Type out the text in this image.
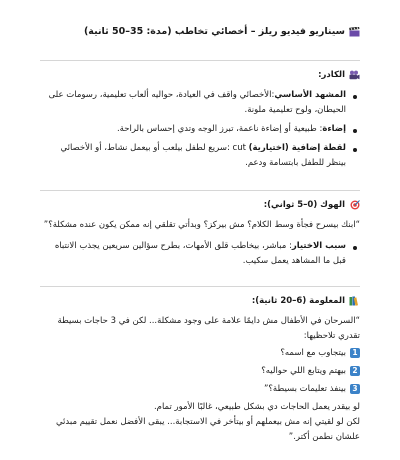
سيناريو فيديو ريلز – أخصائي تخاطب (مدة: 35–50 ثانية)
الكادر:
المشهد الأساسي:الأخصائي واقف في العيادة، حواليه ألعاب تعليمية، رسومات على الحيطان، ولوح تعليمية ملونة.
إضاءة: طبيعية أو إضاءة ناعمة، تبرز الوجه وتدي إحساس بالراحة.
لقطة إضافية (اختيارية) cut :سريع لطفل بيلعب أو بيعمل نشاط، أو الأخصائي بينظر للطفل بابتسامة ودعم.
الهوك (0–5 ثواني):

“ابنك بيسرح فجأة وسط الكلام؟ مش بيركز؟ وبدأتي تقلقي إنه ممكن يكون عنده مشكلة؟”

سبب الاختيار: مباشر، بيخاطب قلق الأمهات، بطرح سؤالين سريعين يجذب الانتباه قبل ما المشاهد يعمل سكيب.
المعلومة (6–20 ثانية):

“السرحان في الأطفال مش دايمًا علامة على وجود مشكلة... لكن في 3 حاجات بسيطة تقدري تلاحظيها:

1
بيتجاوب مع اسمه؟
2
بيهتم ويتابع اللي حواليه؟
3
بينفذ تعليمات بسيطة؟”

لو بيقدر يعمل الحاجات دي بشكل طبيعي، غالبًا الأمور تمام.

لكن لو لقيتي إنه مش بيعملهم أو بيتأخر في الاستجابة... يبقى الأفضل نعمل تقييم مبدئي علشان نطمن أكتر.”
